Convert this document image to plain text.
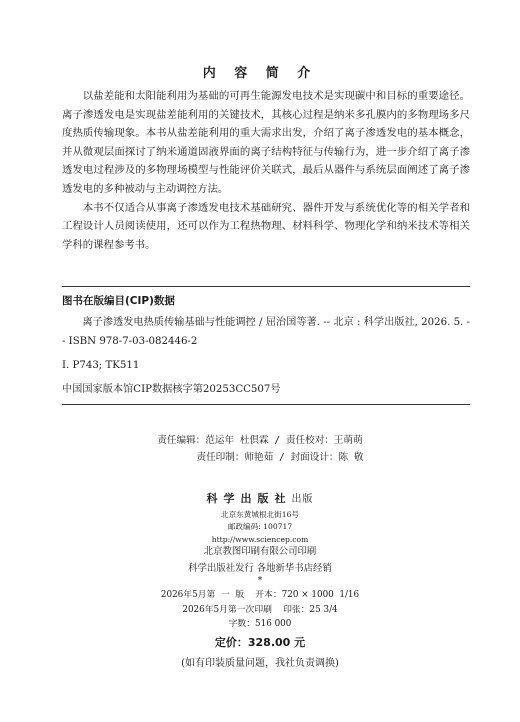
内 容 简 介

以盐差能和太阳能利用为基础的可再生能源发电技术是实现碳中和目标的重要途径。离子渗透发电是实现盐差能利用的关键技术，其核心过程是纳米多孔膜内的多物理场多尺度热质传输现象。本书从盐差能利用的重大需求出发，介绍了离子渗透发电的基本概念，并从微观层面探讨了纳米通道固液界面的离子结构特征与传输行为，进一步介绍了离子渗透发电过程涉及的多物理场模型与性能评价关联式，最后从器件与系统层面阐述了离子渗透发电的多种被动与主动调控方法。

本书不仅适合从事离子渗透发电技术基础研究、器件开发与系统优化等的相关学者和工程设计人员阅读使用，还可以作为工程热物理、材料科学、物理化学和纳米技术等相关学科的课程参考书。

图书在版编目(CIP)数据
离子渗透发电热质传输基础与性能调控 / 屈治国等著. -- 北京 : 科学出版社, 2026. 5. -- ISBN 978-7-03-082446-2
Ⅰ. P743; TK511
中国国家版本馆CIP数据核字第20253CC507号
责任编辑：范运年 杜倶霖 / 责任校对：王萌萌
责任印制：师艳茹 / 封面设计：陈 敬
科学出版社出版
北京东黄城根北街16号
邮政编码: 100717
http://www.sciencep.com
北京教图印刷有限公司印刷
科学出版社发行 各地新华书店经销
*
2026年5月第  一  版    开本：720 × 1000  1/16
2026年5月第一次印刷    印张：25 3/4
字数：516 000
定价：328.00 元
(如有印装质量问题，我社负责调换)
